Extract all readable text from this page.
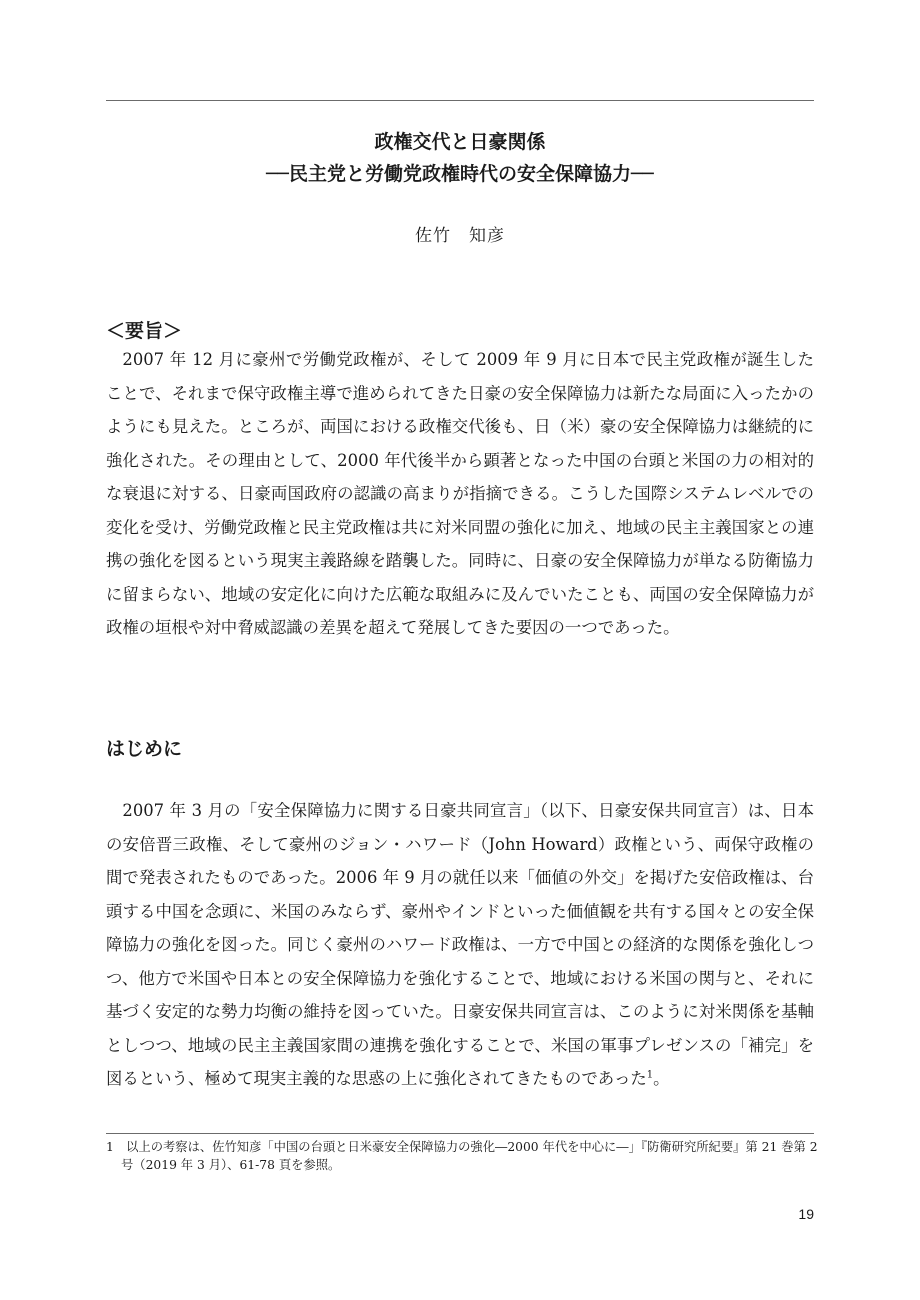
政権交代と日豪関係
──民主党と労働党政権時代の安全保障協力──
佐竹　知彦
＜要旨＞

2007 年 12 月に豪州で労働党政権が、そして 2009 年 9 月に日本で民主党政権が誕生したことで、それまで保守政権主導で進められてきた日豪の安全保障協力は新たな局面に入ったかのようにも見えた。ところが、両国における政権交代後も、日（米）豪の安全保障協力は継続的に強化された。その理由として、2000 年代後半から顕著となった中国の台頭と米国の力の相対的な衰退に対する、日豪両国政府の認識の高まりが指摘できる。こうした国際システムレベルでの変化を受け、労働党政権と民主党政権は共に対米同盟の強化に加え、地域の民主主義国家との連携の強化を図るという現実主義路線を踏襲した。同時に、日豪の安全保障協力が単なる防衛協力に留まらない、地域の安定化に向けた広範な取組みに及んでいたことも、両国の安全保障協力が政権の垣根や対中脅威認識の差異を超えて発展してきた要因の一つであった。

はじめに

2007 年 3 月の「安全保障協力に関する日豪共同宣言」（以下、日豪安保共同宣言）は、日本の安倍晋三政権、そして豪州のジョン・ハワード（John Howard）政権という、両保守政権の間で発表されたものであった。2006 年 9 月の就任以来「価値の外交」を掲げた安倍政権は、台頭する中国を念頭に、米国のみならず、豪州やインドといった価値観を共有する国々との安全保障協力の強化を図った。同じく豪州のハワード政権は、一方で中国との経済的な関係を強化しつつ、他方で米国や日本との安全保障協力を強化することで、地域における米国の関与と、それに基づく安定的な勢力均衡の維持を図っていた。日豪安保共同宣言は、このように対米関係を基軸としつつ、地域の民主主義国家間の連携を強化することで、米国の軍事プレゼンスの「補完」を図るという、極めて現実主義的な思惑の上に強化されてきたものであった$^1$。

1　以上の考察は、佐竹知彦「中国の台頭と日米豪安全保障協力の強化―2000 年代を中心に―」『防衛研究所紀要』第 21 巻第 2 号（2019 年 3 月）、61-78 頁を参照。
19
